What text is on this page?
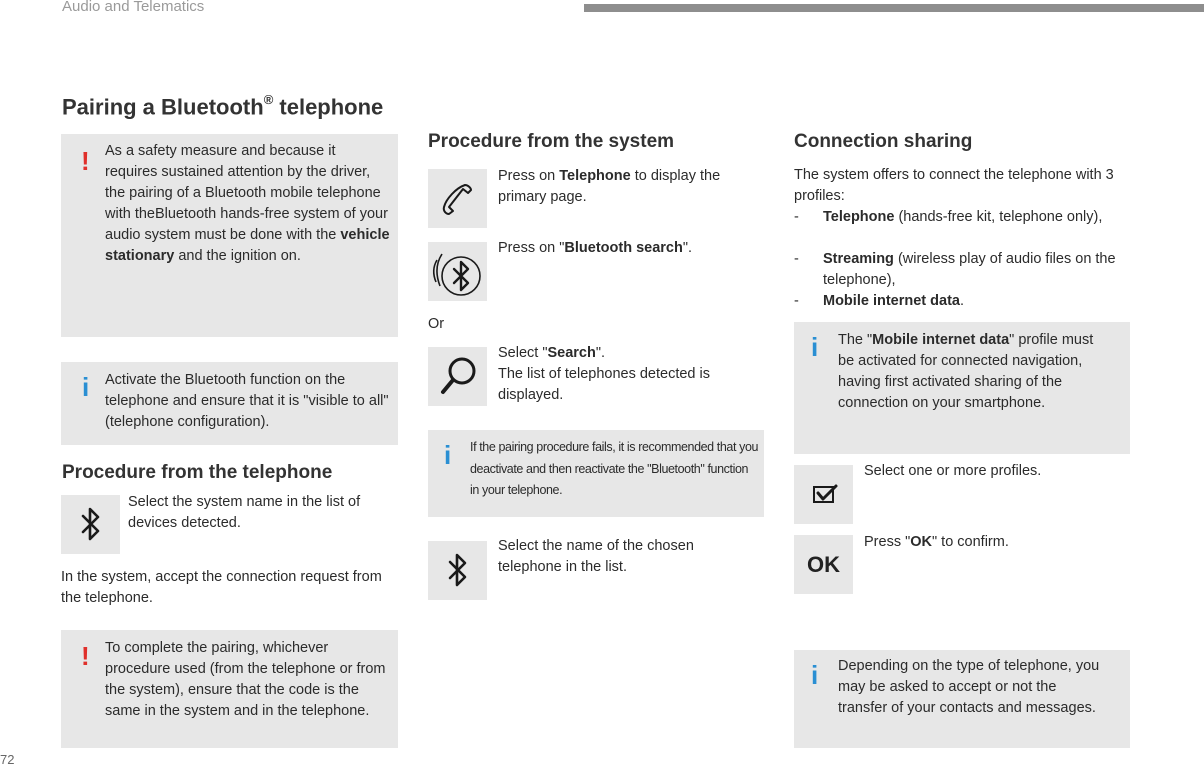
Audio and Telematics
72
Pairing a Bluetooth® telephone
! As a safety measure and because it requires sustained attention by the driver, the pairing of a Bluetooth mobile telephone with theBluetooth hands-free system of your audio system must be done with the vehicle stationary and the ignition on.
i Activate the Bluetooth function on the telephone and ensure that it is "visible to all" (telephone configuration).
Procedure from the telephone
Select the system name in the list of devices detected.
In the system, accept the connection request from the telephone.
! To complete the pairing, whichever procedure used (from the telephone or from the system), ensure that the code is the same in the system and in the telephone.
Procedure from the system
Press on Telephone to display the primary page.
Press on "Bluetooth search".
Or
Select "Search".
The list of telephones detected is displayed.
i If the pairing procedure fails, it is recommended that you deactivate and then reactivate the "Bluetooth" function in your telephone.
Select the name of the chosen telephone in the list.
Connection sharing
The system offers to connect the telephone with 3 profiles:
- Telephone (hands-free kit, telephone only),
- Streaming (wireless play of audio files on the telephone),
- Mobile internet data.
i The "Mobile internet data" profile must be activated for connected navigation, having first activated sharing of the connection on your smartphone.
Select one or more profiles.
OK
Press "OK" to confirm.
i Depending on the type of telephone, you may be asked to accept or not the transfer of your contacts and messages.
